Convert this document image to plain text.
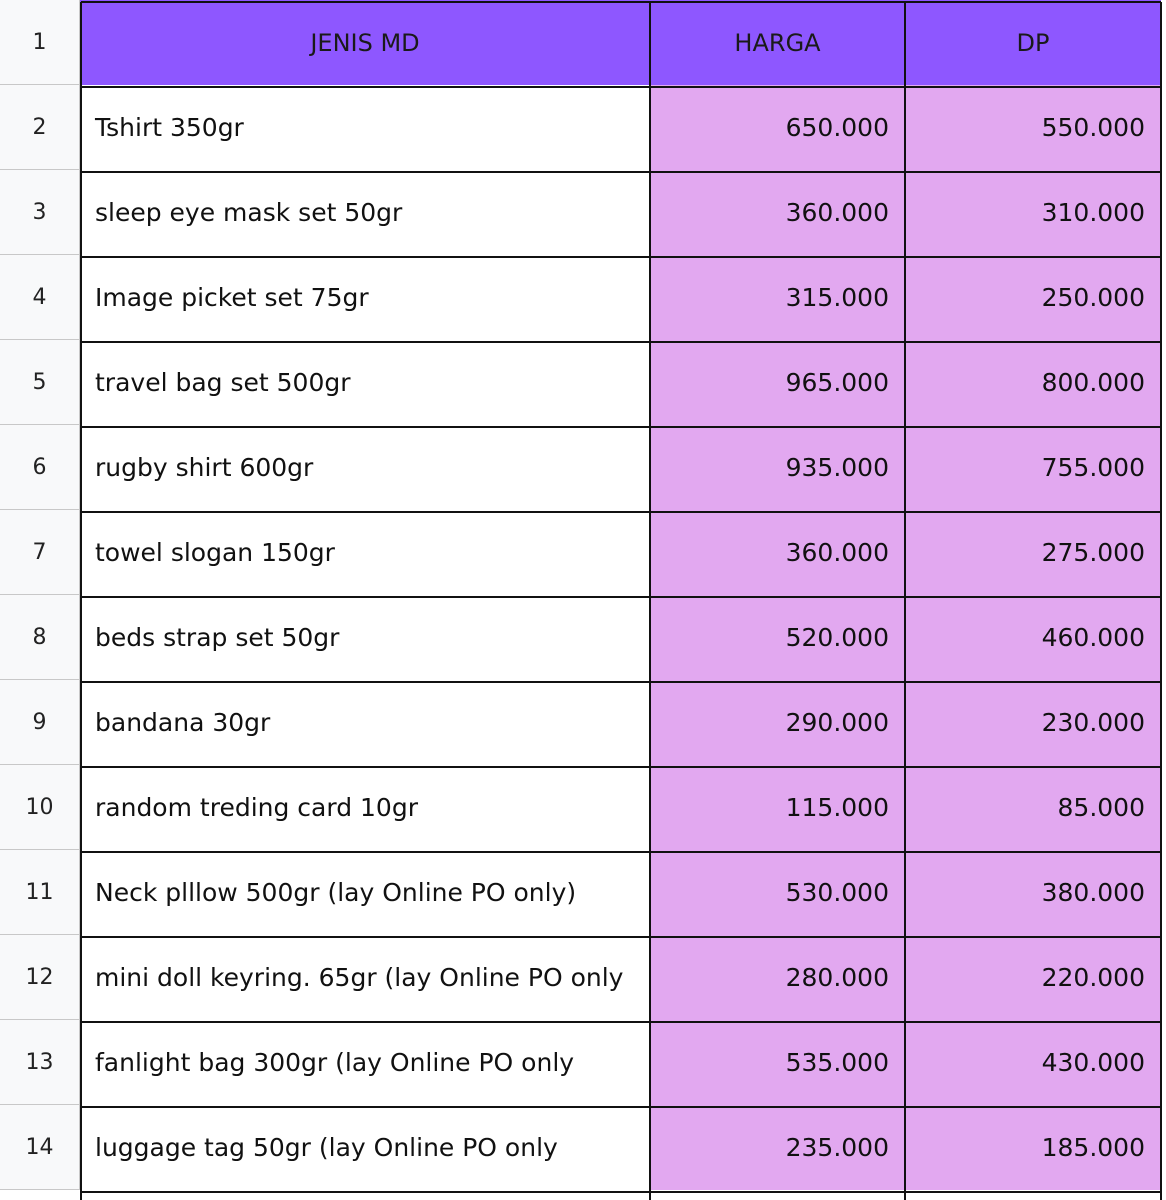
1	JENIS MD	HARGA	DP
2	Tshirt 350gr	650.000	550.000
3	sleep eye mask set 50gr	360.000	310.000
4	Image picket set 75gr	315.000	250.000
5	travel bag set 500gr	965.000	800.000
6	rugby shirt 600gr	935.000	755.000
7	towel slogan 150gr	360.000	275.000
8	beds strap set 50gr	520.000	460.000
9	bandana 30gr	290.000	230.000
10	random treding card 10gr	115.000	85.000
11	Neck plllow 500gr (lay Online PO only)	530.000	380.000
12	mini doll keyring. 65gr (lay Online PO only	280.000	220.000
13	fanlight bag 300gr (lay Online PO only	535.000	430.000
14	luggage tag 50gr (lay Online PO only	235.000	185.000
